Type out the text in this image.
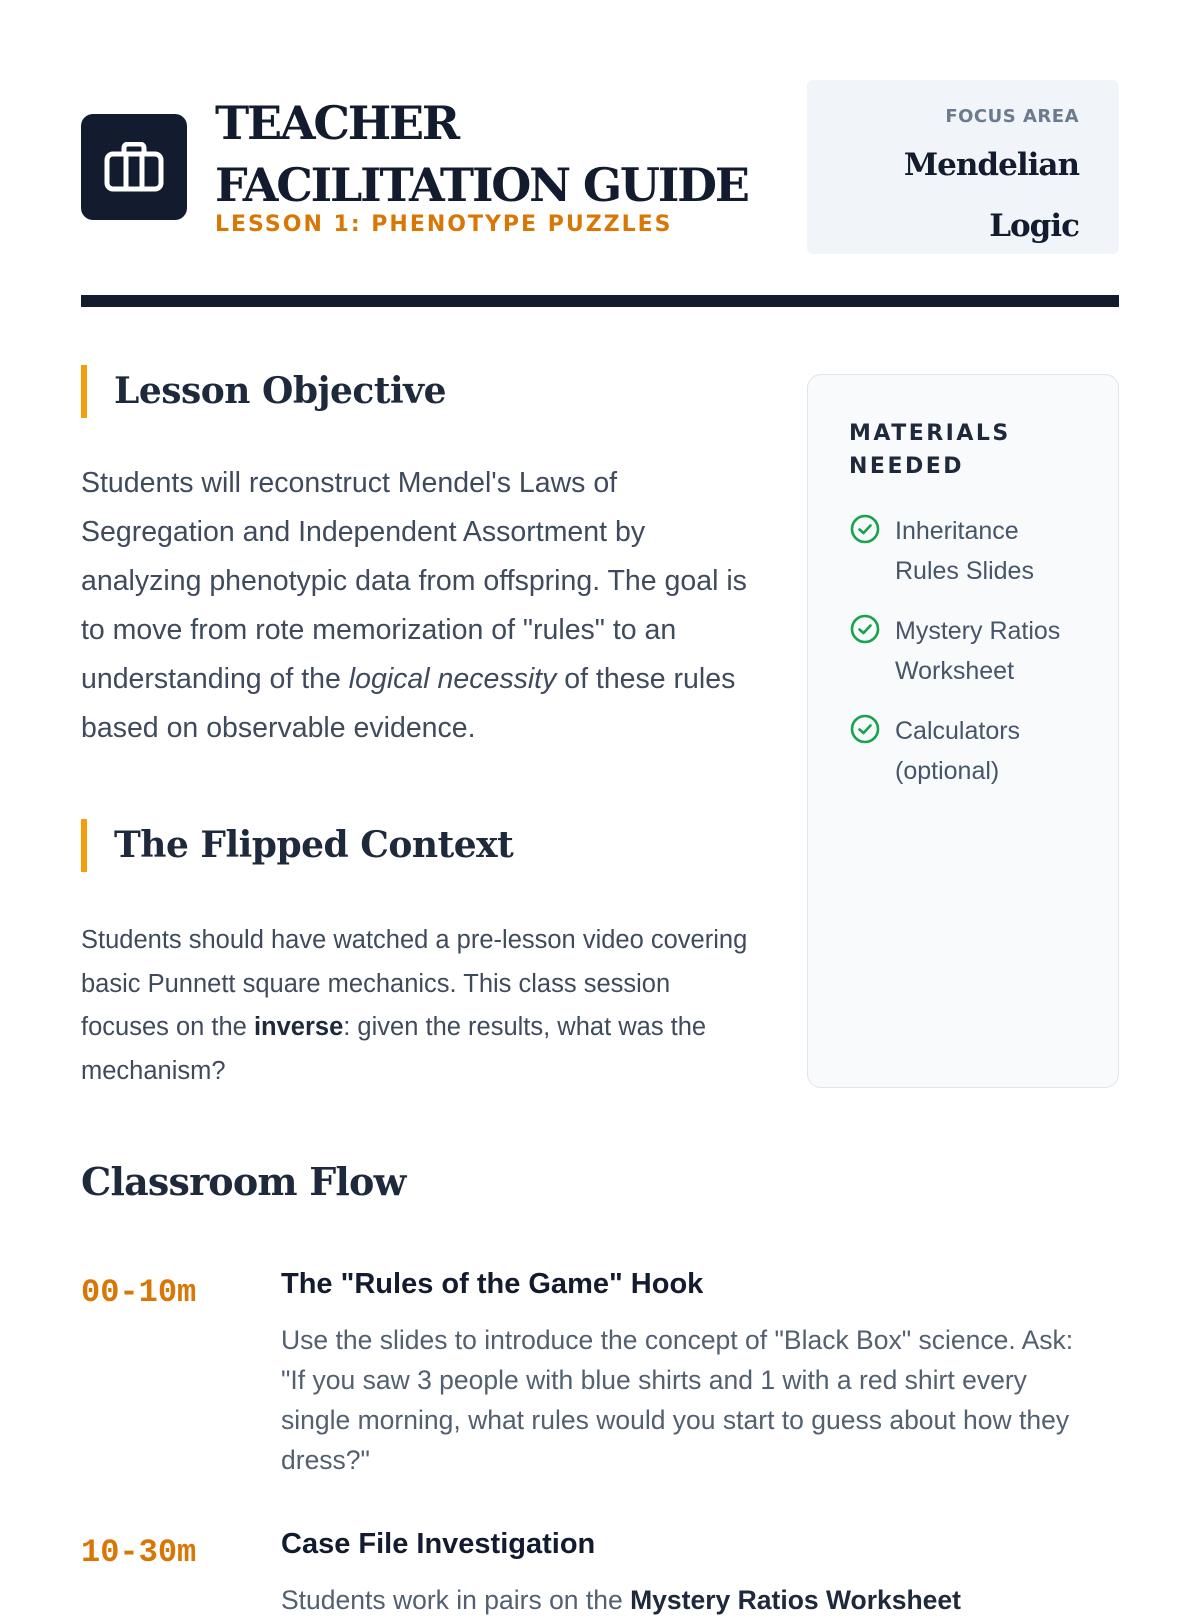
TEACHER FACILITATION GUIDE
LESSON 1: PHENOTYPE PUZZLES
FOCUS AREA
Mendelian Logic
Lesson Objective

Students will reconstruct Mendel's Laws of Segregation and Independent Assortment by analyzing phenotypic data from offspring. The goal is to move from rote memorization of "rules" to an understanding of the logical necessity of these rules based on observable evidence.

The Flipped Context

Students should have watched a pre-lesson video covering basic Punnett square mechanics. This class session focuses on the inverse: given the results, what was the mechanism?

MATERIALS NEEDED
Inheritance Rules Slides
Mystery Ratios Worksheet
Calculators (optional)
Classroom Flow
00-10m	The "Rules of the Game" Hook

Use the slides to introduce the concept of "Black Box" science. Ask: "If you saw 3 people with blue shirts and 1 with a red shirt every single morning, what rules would you start to guess about how they dress?"

10-30m	Case File Investigation

Students work in pairs on the Mystery Ratios Worksheet
